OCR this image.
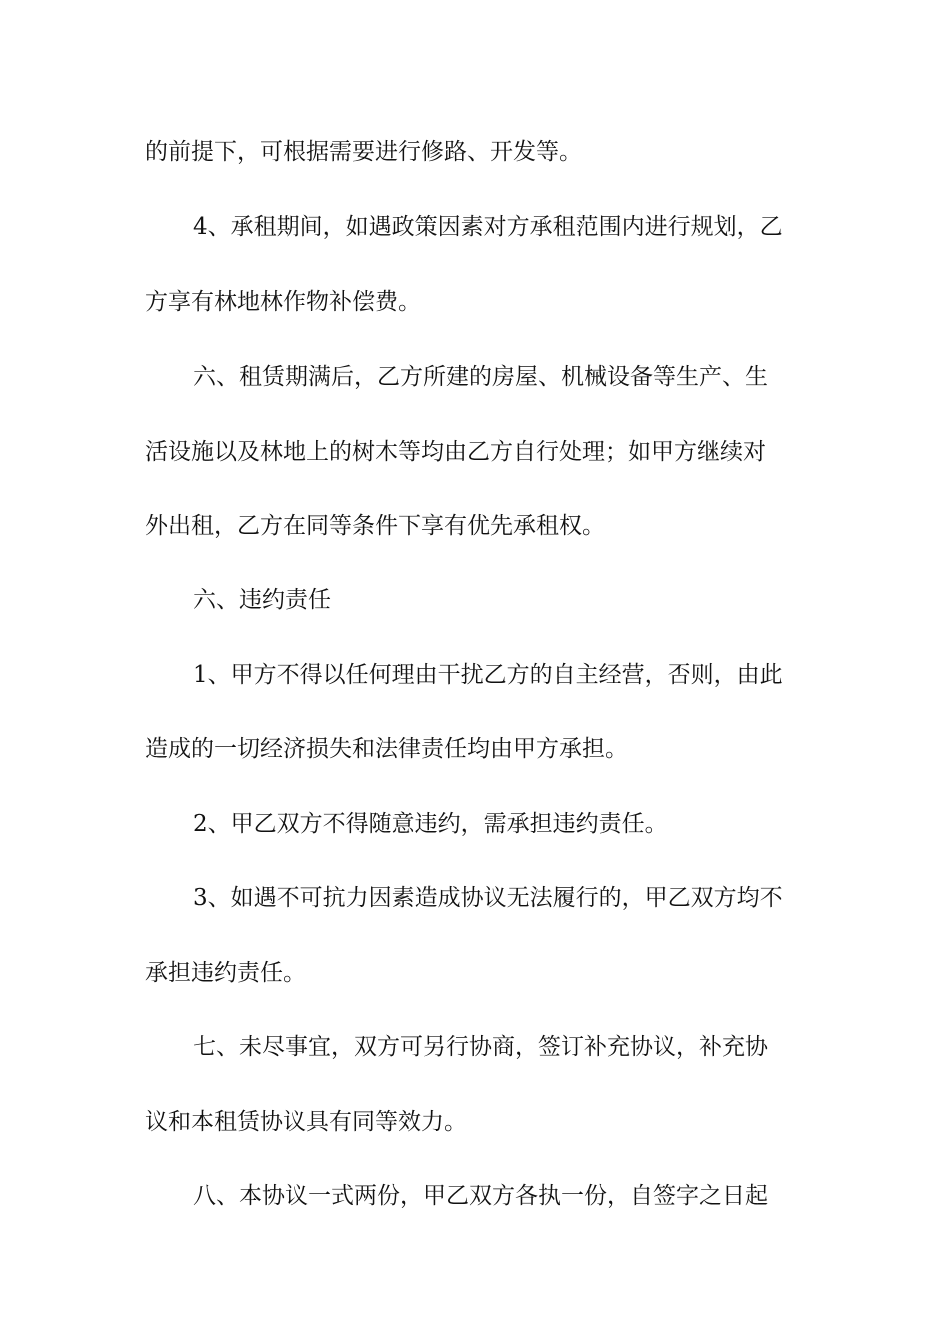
的前提下，可根据需要进行修路、开发等。
4、承租期间，如遇政策因素对方承租范围内进行规划，乙
方享有林地林作物补偿费。
六、租赁期满后，乙方所建的房屋、机械设备等生产、生
活设施以及林地上的树木等均由乙方自行处理；如甲方继续对
外出租，乙方在同等条件下享有优先承租权。
六、违约责任
1、甲方不得以任何理由干扰乙方的自主经营，否则，由此
造成的一切经济损失和法律责任均由甲方承担。
2、甲乙双方不得随意违约，需承担违约责任。
3、如遇不可抗力因素造成协议无法履行的，甲乙双方均不
承担违约责任。
七、未尽事宜，双方可另行协商，签订补充协议，补充协
议和本租赁协议具有同等效力。
八、本协议一式两份，甲乙双方各执一份，自签字之日起
